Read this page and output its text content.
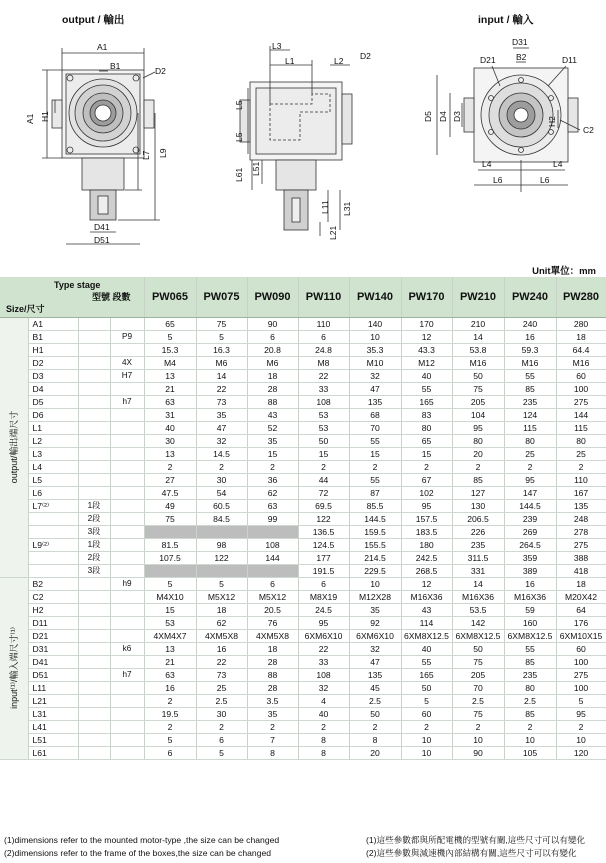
output / 輸出	input / 輸入
A1
B1	D2
H1
A1
L7 L9
D41
D51
L3
L1	L2 D2
L5
L5
L61 L51
L11 L31
L21
D31
B2
D21	D11
D5 D4 D3	H2
C2
L4	L4
L6	L6
Unit單位：mm
Type stage
型號 段數
Size/尺寸				PW065	PW075	PW090	PW110	PW140	PW170	PW210	PW240	PW280

output/輸出端尺寸	A1			65	75	90	110	140	170	210	240	280
	B1		P9	5	5	6	6	10	12	14	16	18
	H1			15.3	16.3	20.8	24.8	35.3	43.3	53.8	59.3	64.4
	D2		4X	M4	M6	M6	M8	M10	M12	M16	M16	M16
	D3		H7	13	14	18	22	32	40	50	55	60
	D4			21	22	28	33	47	55	75	85	100
	D5		h7	63	73	88	108	135	165	205	235	275
	D6			31	35	43	53	68	83	104	124	144
	L1			40	47	52	53	70	80	95	115	115
	L2			30	32	35	50	55	65	80	80	80
	L3			13	14.5	15	15	15	15	20	25	25
	L4			2	2	2	2	2	2	2	2	2
	L5			27	30	36	44	55	67	85	95	110
	L6			47.5	54	62	72	87	102	127	147	167
	L7⁽²⁾	1段		49	60.5	63	69.5	85.5	95	130	144.5	135
		2段		75	84.5	99	122	144.5	157.5	206.5	239	248
		3段					136.5	159.5	183.5	226	269	278
	L9⁽²⁾	1段		81.5	98	108	124.5	155.5	180	235	264.5	275
		2段		107.5	122	144	177	214.5	242.5	311.5	359	388
		3段					191.5	229.5	268.5	331	389	418

input⁽¹⁾/輸入端尺寸⁽¹⁾	B2		h9	5	5	6	6	10	12	14	16	18
	C2			M4X10	M5X12	M5X12	M8X19	M12X28	M16X36	M16X36	M16X36	M20X42
	H2			15	18	20.5	24.5	35	43	53.5	59	64
	D11			53	62	76	95	92	114	142	160	176
	D21			4XM4X7	4XM5X8	4XM5X8	6XM6X10	6XM6X10	6XM8X12.5	6XM8X12.5	6XM8X12.5	6XM10X15
	D31		k6	13	16	18	22	32	40	50	55	60
	D41			21	22	28	33	47	55	75	85	100
	D51		h7	63	73	88	108	135	165	205	235	275
	L11			16	25	28	32	45	50	70	80	100
	L21			2	2.5	3.5	4	2.5	5	2.5	2.5	5
	L31			19.5	30	35	40	50	60	75	85	95
	L41			2	2	2	2	2	2	2	2	2
	L51			5	6	7	8	8	10	10	10	10
	L61			6	5	8	8	20	10	90	105	120
(1)dimensions refer to the mounted motor-type ,the size can be changed
(2)dimensions refer to the frame of the boxes,the size can be changed
(1)這些參數都與所配電機的型號有關,這些尺寸可以有變化
(2)這些參數與減速機內部結構有關,這些尺寸可以有變化
